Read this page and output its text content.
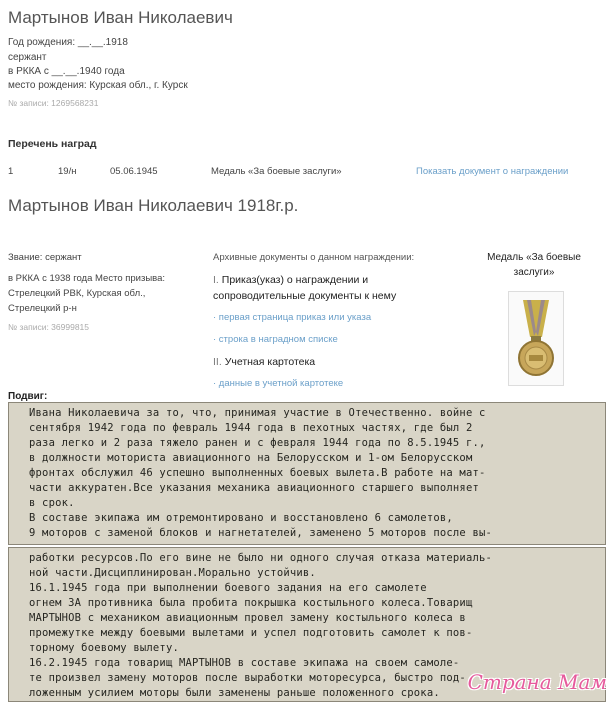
Мартынов Иван Николаевич
Год рождения: __.__.1918
сержант
в РККА с __.__.1940 года
место рождения: Курская обл., г. Курск
№ записи: 1269568231
Перечень наград
1	19/н	05.06.1945	Медаль «За боевые заслуги»	Показать документ о награждении
Мартынов Иван Николаевич 1918г.р.
Звание: сержант
в РККА с 1938 года Место призыва:
Стрелецкий РВК, Курская обл.,
Стрелецкий р-н
№ записи: 36999815
Архивные документы о данном награждении:
I. Приказ(указ) о награждении и сопроводительные документы к нему
· первая страница приказ или указа
· строка в наградном списке
II. Учетная картотека
· данные в учетной картотеке
Медаль «За боевые заслуги»
Подвиг:
Ивана Николаевича за то, что, принимая участие в Отечественно. войне с
сентября 1942 года по февраль 1944 года в пехотных частях, где был 2
раза легко и 2 раза тяжело ранен и с февраля 1944 года по 8.5.1945 г.,
в должности моториста авиационного на Белорусском и 1-ом Белорусском
фронтах обслужил 46 успешно выполненных боевых вылета.В работе на мат-
части аккуратен.Все указания механика авиационного старшего выполняет
в срок.
В составе экипажа им отремонтировано и восстановлено 6 самолетов,
9 моторов с заменой блоков и нагнетателей, заменено 5 моторов после вы-
работки ресурсов.По его вине не было ни одного случая отказа материаль-
ной части.Дисциплинирован.Морально устойчив.
16.1.1945 года при выполнении боевого задания на его самолете
огнем ЗА противника была пробита покрышка костыльного колеса.Товарищ
МАРТЫНОВ с механиком авиационным провел замену костыльного колеса в
промежутке между боевыми вылетами и успел подготовить самолет к пов-
торному боевому вылету.
16.2.1945 года товарищ МАРТЫНОВ в составе экипажа на своем самоле-
те произвел замену моторов после выработки моторесурса, быстро под-
ложенным усилием моторы были заменены раньше положенного срока. Страна Мам
